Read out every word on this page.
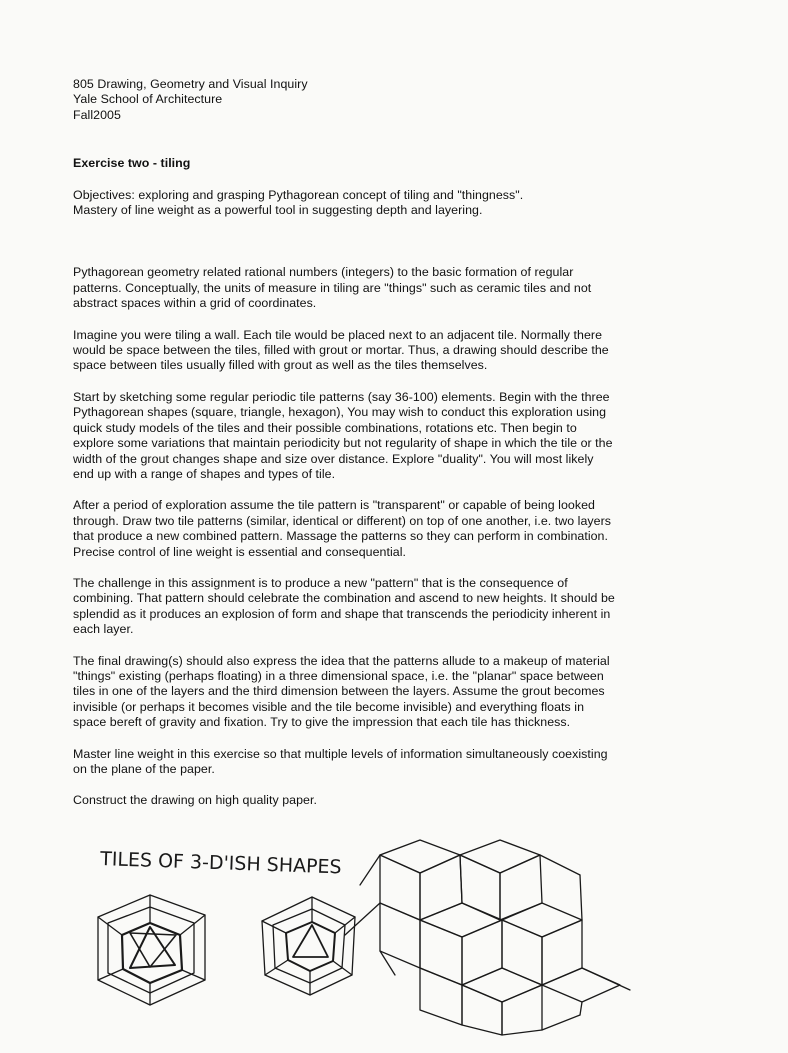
805 Drawing, Geometry and Visual Inquiry
Yale School of Architecture
Fall2005
Exercise two - tiling
Objectives: exploring and grasping Pythagorean concept of tiling and "thingness".
Mastery of line weight as a powerful tool in suggesting depth and layering.
Pythagorean geometry related rational numbers (integers) to the basic formation of regular
patterns. Conceptually, the units of measure in tiling are "things" such as ceramic tiles and not
abstract spaces within a grid of coordinates.
Imagine you were tiling a wall. Each tile would be placed next to an adjacent tile. Normally there
would be space between the tiles, filled with grout or mortar. Thus, a drawing should describe the
space between tiles usually filled with grout as well as the tiles themselves.
Start by sketching some regular periodic tile patterns (say 36-100) elements. Begin with the three
Pythagorean shapes (square, triangle, hexagon), You may wish to conduct this exploration using
quick study models of the tiles and their possible combinations, rotations etc. Then begin to
explore some variations that maintain periodicity but not regularity of shape in which the tile or the
width of the grout changes shape and size over distance. Explore "duality". You will most likely
end up with a range of shapes and types of tile.
After a period of exploration assume the tile pattern is "transparent" or capable of being looked
through. Draw two tile patterns (similar, identical or different) on top of one another, i.e. two layers
that produce a new combined pattern. Massage the patterns so they can perform in combination.
Precise control of line weight is essential and consequential.
The challenge in this assignment is to produce a new "pattern" that is the consequence of
combining. That pattern should celebrate the combination and ascend to new heights. It should be
splendid as it produces an explosion of form and shape that transcends the periodicity inherent in
each layer.
The final drawing(s) should also express the idea that the patterns allude to a makeup of material
"things" existing (perhaps floating) in a three dimensional space, i.e. the "planar" space between
tiles in one of the layers and the third dimension between the layers. Assume the grout becomes
invisible (or perhaps it becomes visible and the tile become invisible) and everything floats in
space bereft of gravity and fixation. Try to give the impression that each tile has thickness.
Master line weight in this exercise so that multiple levels of information simultaneously coexisting
on the plane of the paper.
Construct the drawing on high quality paper.
TILES OF 3-D'ISH SHAPES
